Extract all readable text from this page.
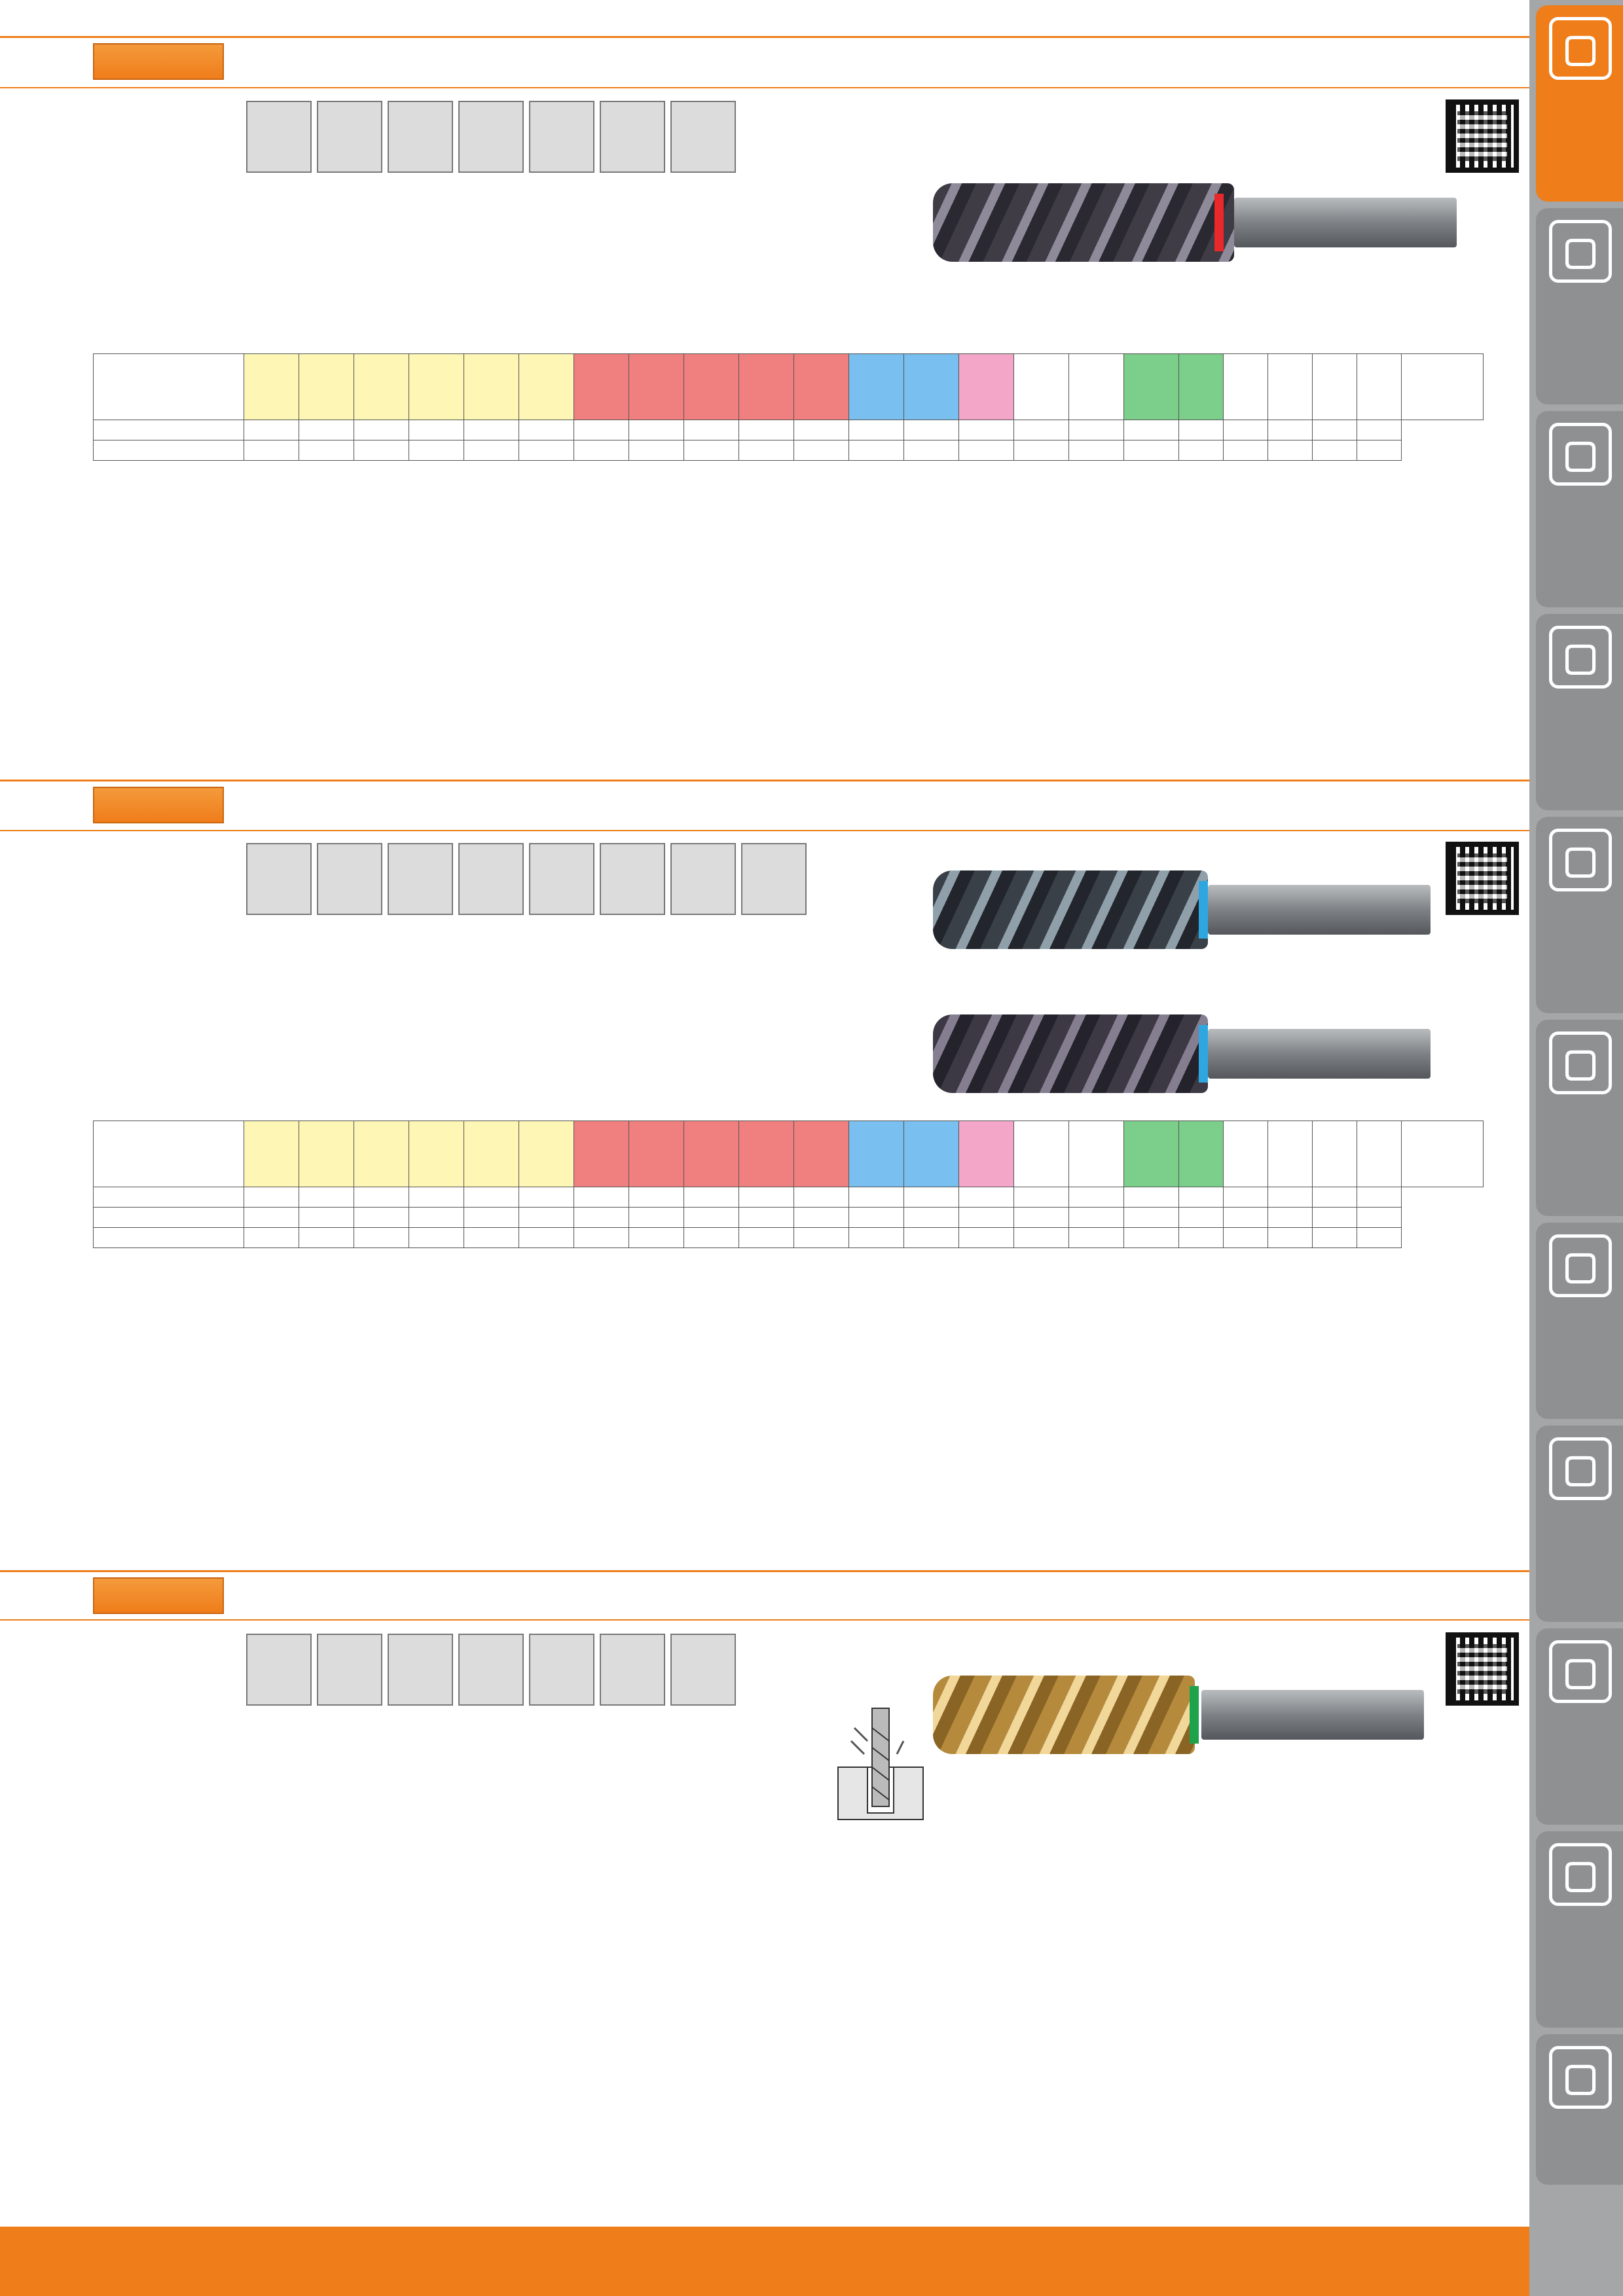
▢
▢
▢
▢
▢
▢
▢
▢
▢
▢
▢
